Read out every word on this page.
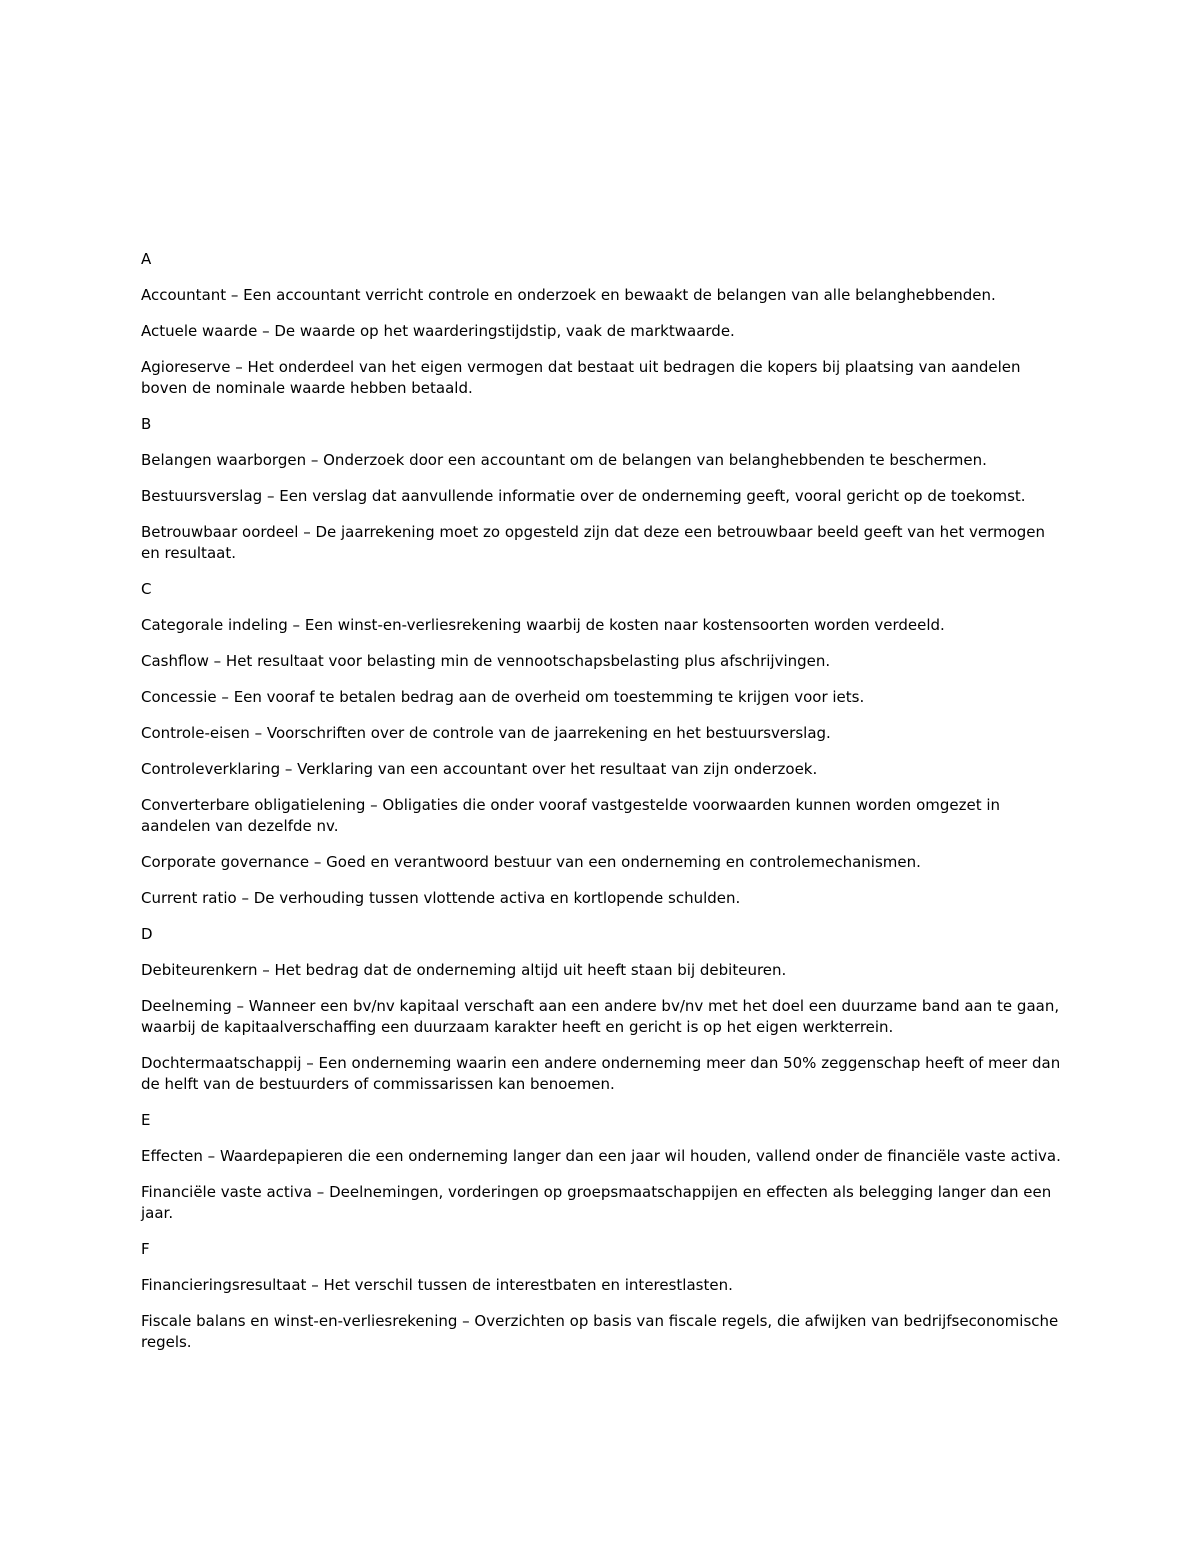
A
Accountant – Een accountant verricht controle en onderzoek en bewaakt de belangen van alle belanghebbenden.
Actuele waarde – De waarde op het waarderingstijdstip, vaak de marktwaarde.
Agioreserve – Het onderdeel van het eigen vermogen dat bestaat uit bedragen die kopers bij plaatsing van aandelen boven de nominale waarde hebben betaald.
B
Belangen waarborgen – Onderzoek door een accountant om de belangen van belanghebbenden te beschermen.
Bestuursverslag – Een verslag dat aanvullende informatie over de onderneming geeft, vooral gericht op de toekomst.
Betrouwbaar oordeel – De jaarrekening moet zo opgesteld zijn dat deze een betrouwbaar beeld geeft van het vermogen en resultaat.
C
Categorale indeling – Een winst-en-verliesrekening waarbij de kosten naar kostensoorten worden verdeeld.
Cashflow – Het resultaat voor belasting min de vennootschapsbelasting plus afschrijvingen.
Concessie – Een vooraf te betalen bedrag aan de overheid om toestemming te krijgen voor iets.
Controle-eisen – Voorschriften over de controle van de jaarrekening en het bestuursverslag.
Controleverklaring – Verklaring van een accountant over het resultaat van zijn onderzoek.
Converterbare obligatielening – Obligaties die onder vooraf vastgestelde voorwaarden kunnen worden omgezet in aandelen van dezelfde nv.
Corporate governance – Goed en verantwoord bestuur van een onderneming en controlemechanismen.
Current ratio – De verhouding tussen vlottende activa en kortlopende schulden.
D
Debiteurenkern – Het bedrag dat de onderneming altijd uit heeft staan bij debiteuren.
Deelneming – Wanneer een bv/nv kapitaal verschaft aan een andere bv/nv met het doel een duurzame band aan te gaan, waarbij de kapitaalverschaffing een duurzaam karakter heeft en gericht is op het eigen werkterrein.
Dochtermaatschappij – Een onderneming waarin een andere onderneming meer dan 50% zeggenschap heeft of meer dan de helft van de bestuurders of commissarissen kan benoemen.
E
Effecten – Waardepapieren die een onderneming langer dan een jaar wil houden, vallend onder de financiële vaste activa.
Financiële vaste activa – Deelnemingen, vorderingen op groepsmaatschappijen en effecten als belegging langer dan een jaar.
F
Financieringsresultaat – Het verschil tussen de interestbaten en interestlasten.
Fiscale balans en winst-en-verliesrekening – Overzichten op basis van fiscale regels, die afwijken van bedrijfseconomische regels.
